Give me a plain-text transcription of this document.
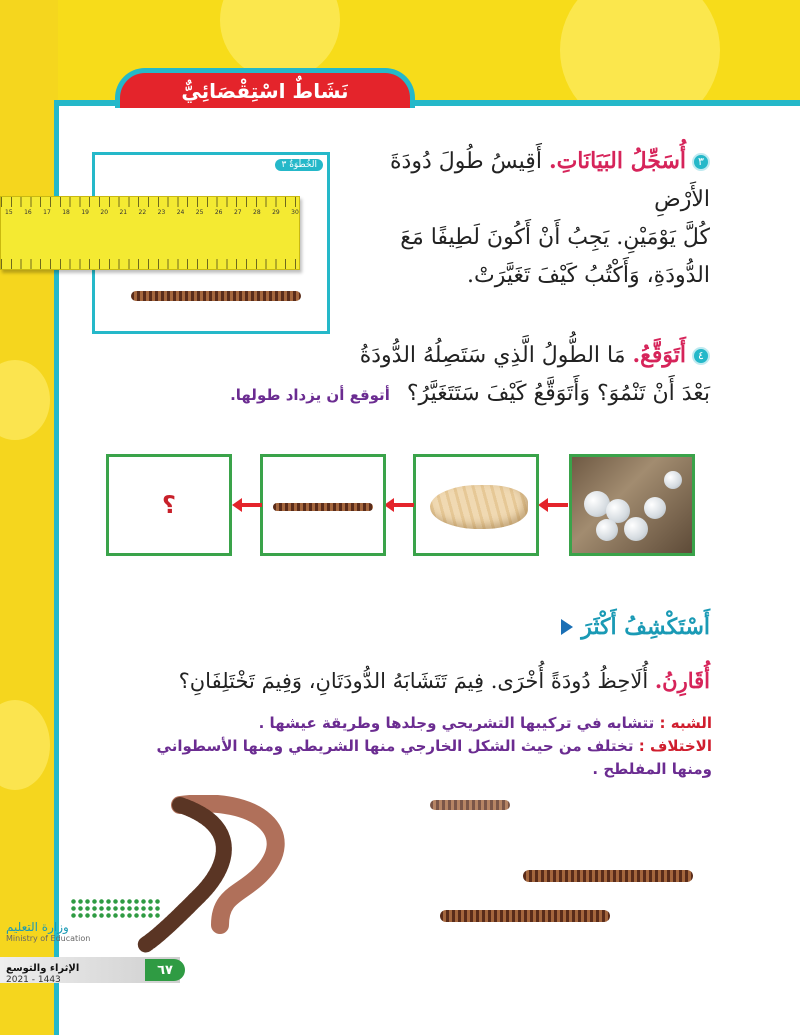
نَشَاطٌ اسْتِقْصَائِيٌّ
٣أُسَجِّلُ البَيَانَاتِ. أَقِيسُ طُولَ دُودَةَ الأَرْضِ
كُلَّ يَوْمَيْنِ. يَجِبُ أَنْ أَكُونَ لَطِيفًا مَعَ
الدُّودَةِ، وَأَكْتُبُ كَيْفَ تَغَيَّرَتْ.
الخُطْوَةُ ٣
15 16 17 18 19 20 21 22 23 24 25 26 27 28 29 30
٤أَتَوَقَّعُ. مَا الطُّولُ الَّذِي سَتَصِلُهُ الدُّودَةُ
بَعْدَ أَنْ تَنْمُوَ؟ وَأَتَوَقَّعُ كَيْفَ سَتَتَغَيَّرُ؟ أتوقع أن يزداد طولها.
؟
أَسْتَكْشِفُ أَكْثَرَ
أُقَارِنُ. أُلَاحِظُ دُودَةً أُخْرَى. فِيمَ تَتَشَابَهُ الدُّودَتَانِ، وَفِيمَ تَخْتَلِفَانِ؟
الشبه : تتشابه في تركيبها التشريحي وجلدها وطريقة عيشها .
الاختلاف : تختلف من حيث الشكل الخارجي منها الشريطي ومنها الأسطواني
ومنها المفلطح .
وزارة التعليم
Ministry of Education
الإثراء والتوسع
2021 - 1443
٦٧
